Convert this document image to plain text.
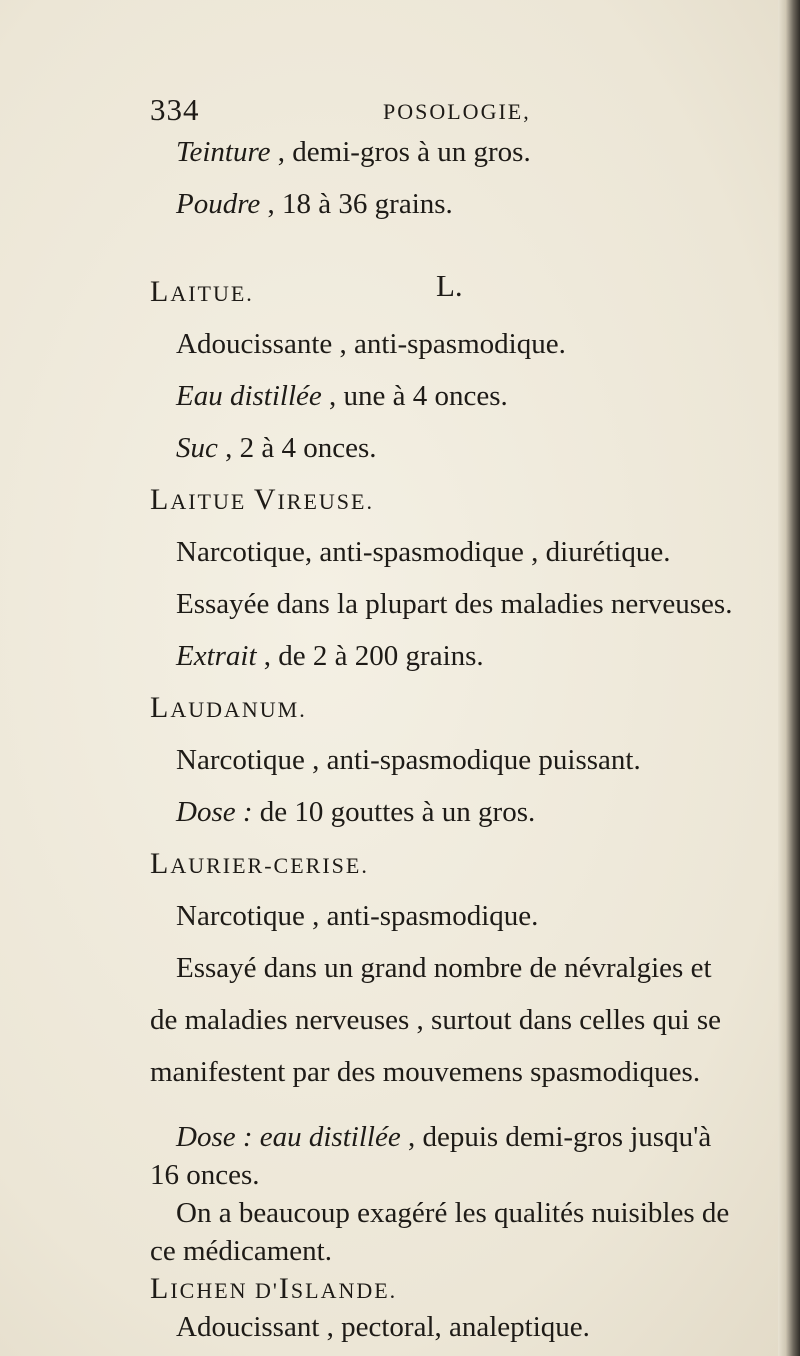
334	POSOLOGIE,
L.
Teinture , demi-gros à un gros.
Poudre , 18 à 36 grains.
LAITUE.
Adoucissante , anti-spasmodique.
Eau distillée , une à 4 onces.
Suc , 2 à 4 onces.
LAITUE VIREUSE.
Narcotique, anti-spasmodique , diurétique.
Essayée dans la plupart des maladies nerveuses.
Extrait , de 2 à 200 grains.
LAUDANUM.
Narcotique , anti-spasmodique puissant.
Dose : de 10 gouttes à un gros.
LAURIER-CERISE.
Narcotique , anti-spasmodique.
Essayé dans un grand nombre de névralgies et
de maladies nerveuses , surtout dans celles qui se
manifestent par des mouvemens spasmodiques.
Dose : eau distillée , depuis demi-gros jusqu'à
16 onces.
On a beaucoup exagéré les qualités nuisibles de
ce médicament.
LICHEN D'ISLANDE.
Adoucissant , pectoral, analeptique.
